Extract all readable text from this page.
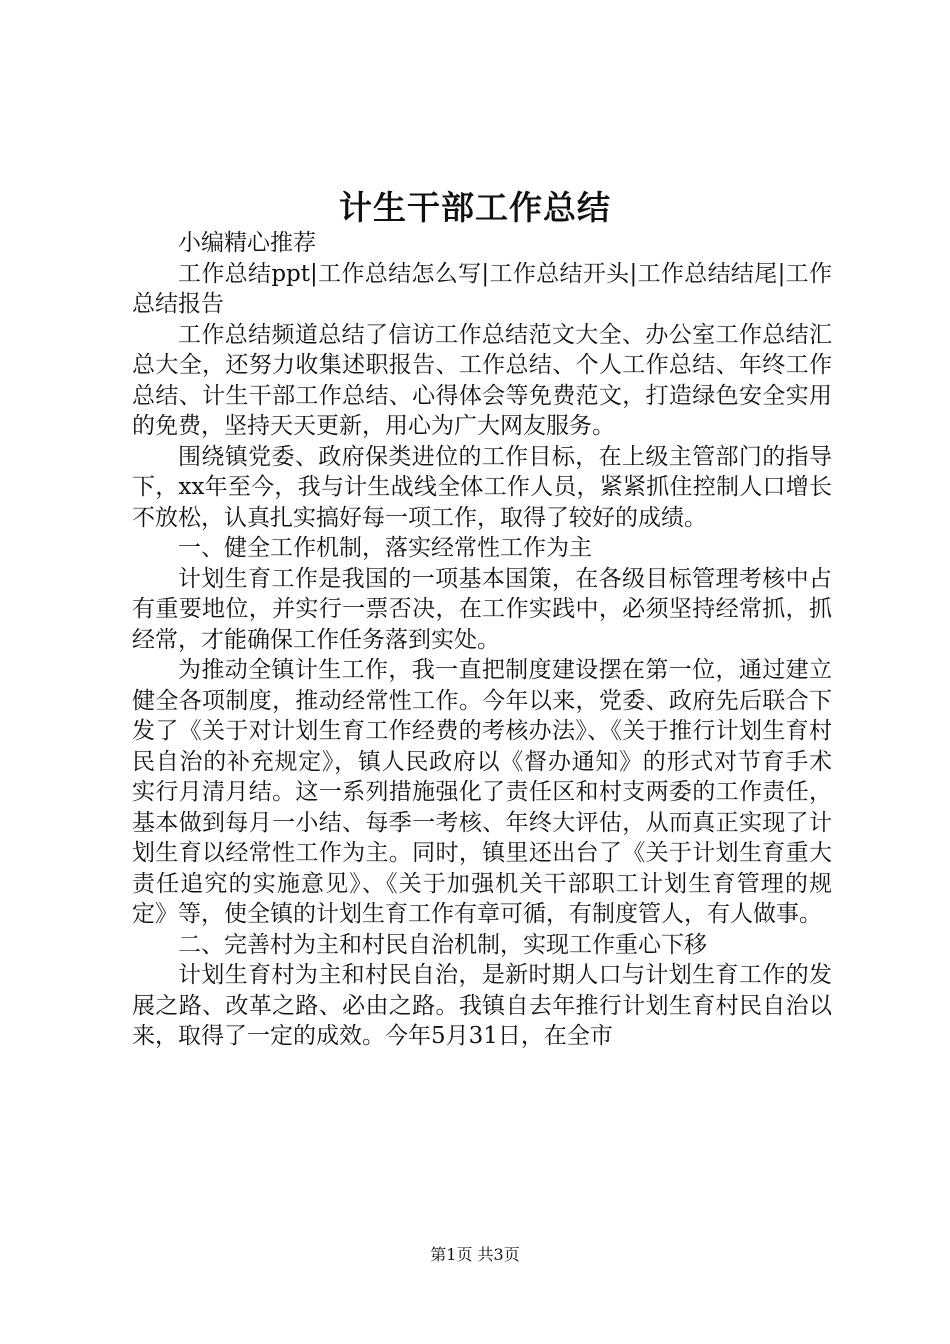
计生干部工作总结

小编精心推荐

工作总结ppt|工作总结怎么写|工作总结开头|工作总结结尾|工作总结报告

工作总结频道总结了信访工作总结范文大全、办公室工作总结汇总大全，还努力收集述职报告、工作总结、个人工作总结、年终工作总结、计生干部工作总结、心得体会等免费范文，打造绿色安全实用的免费，坚持天天更新，用心为广大网友服务。

围绕镇党委、政府保类进位的工作目标，在上级主管部门的指导下，xx年至今，我与计生战线全体工作人员，紧紧抓住控制人口增长不放松，认真扎实搞好每一项工作，取得了较好的成绩。

一、健全工作机制，落实经常性工作为主

计划生育工作是我国的一项基本国策，在各级目标管理考核中占有重要地位，并实行一票否决，在工作实践中，必须坚持经常抓，抓经常，才能确保工作任务落到实处。

为推动全镇计生工作，我一直把制度建设摆在第一位，通过建立健全各项制度，推动经常性工作。今年以来，党委、政府先后联合下发了《关于对计划生育工作经费的考核办法》、《关于推行计划生育村民自治的补充规定》，镇人民政府以《督办通知》的形式对节育手术实行月清月结。这一系列措施强化了责任区和村支两委的工作责任，基本做到每月一小结、每季一考核、年终大评估，从而真正实现了计划生育以经常性工作为主。同时，镇里还出台了《关于计划生育重大责任追究的实施意见》、《关于加强机关干部职工计划生育管理的规定》等，使全镇的计划生育工作有章可循，有制度管人，有人做事。

二、完善村为主和村民自治机制，实现工作重心下移

计划生育村为主和村民自治，是新时期人口与计划生育工作的发展之路、改革之路、必由之路。我镇自去年推行计划生育村民自治以来，取得了一定的成效。今年5月31日，在全市

第1页 共3页
